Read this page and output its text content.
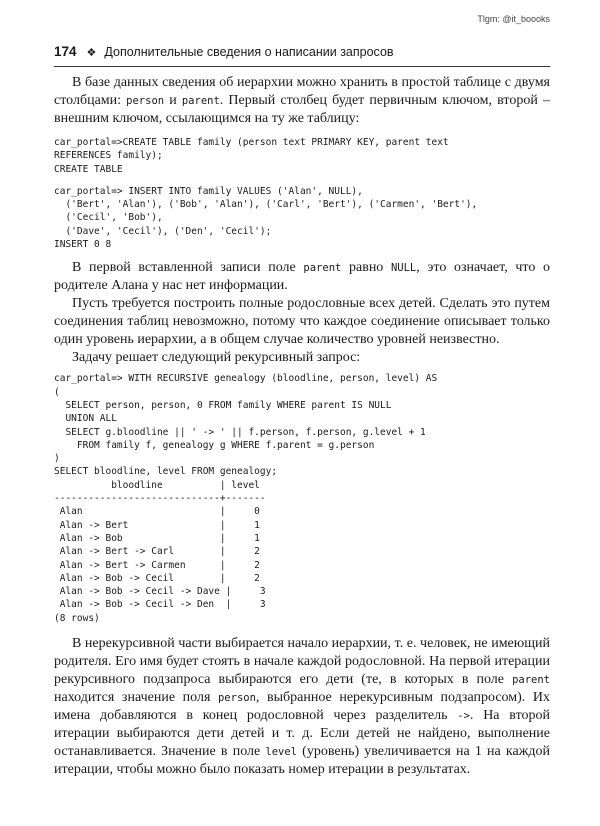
Tlgm: @it_boooks
174 ❖ Дополнительные сведения о написании запросов

В базе данных сведения об иерархии можно хранить в простой таблице с двумя столбцами: person и parent. Первый столбец будет первичным ключом, второй – внешним ключом, ссылающимся на ту же таблицу:

car_portal=>CREATE TABLE family (person text PRIMARY KEY, parent text
REFERENCES family);
CREATE TABLE
car_portal=> INSERT INTO family VALUES ('Alan', NULL),
('Bert', 'Alan'), ('Bob', 'Alan'), ('Carl', 'Bert'), ('Carmen', 'Bert'),
('Cecil', 'Bob'),
('Dave', 'Cecil'), ('Den', 'Cecil');
INSERT 0 8

В первой вставленной записи поле parent равно NULL, это означает, что о родителе Алана у нас нет информации.

Пусть требуется построить полные родословные всех детей. Сделать это путем соединения таблиц невозможно, потому что каждое соединение описывает только один уровень иерархии, а в общем случае количество уровней неизвестно.

Задачу решает следующий рекурсивный запрос:

car_portal=> WITH RECURSIVE genealogy (bloodline, person, level) AS
(
SELECT person, person, 0 FROM family WHERE parent IS NULL
UNION ALL
SELECT g.bloodline || ' -> ' || f.person, f.person, g.level + 1
FROM family f, genealogy g WHERE f.parent = g.person
)
SELECT bloodline, level FROM genealogy;
bloodline          | level
-----------------------------+-------
Alan                        |     0
Alan -> Bert                |     1
Alan -> Bob                 |     1
Alan -> Bert -> Carl        |     2
Alan -> Bert -> Carmen      |     2
Alan -> Bob -> Cecil        |     2
Alan -> Bob -> Cecil -> Dave |     3
Alan -> Bob -> Cecil -> Den  |     3
(8 rows)

В нерекурсивной части выбирается начало иерархии, т. е. человек, не имеющий родителя. Его имя будет стоять в начале каждой родословной. На первой итерации рекурсивного подзапроса выбираются его дети (те, в которых в поле parent находится значение поля person, выбранное нерекурсивным подзапросом). Их имена добавляются в конец родословной через разделитель ->. На второй итерации выбираются дети детей и т. д. Если детей не найдено, выполнение останавливается. Значение в поле level (уровень) увеличивается на 1 на каждой итерации, чтобы можно было показать номер итерации в результатах.
